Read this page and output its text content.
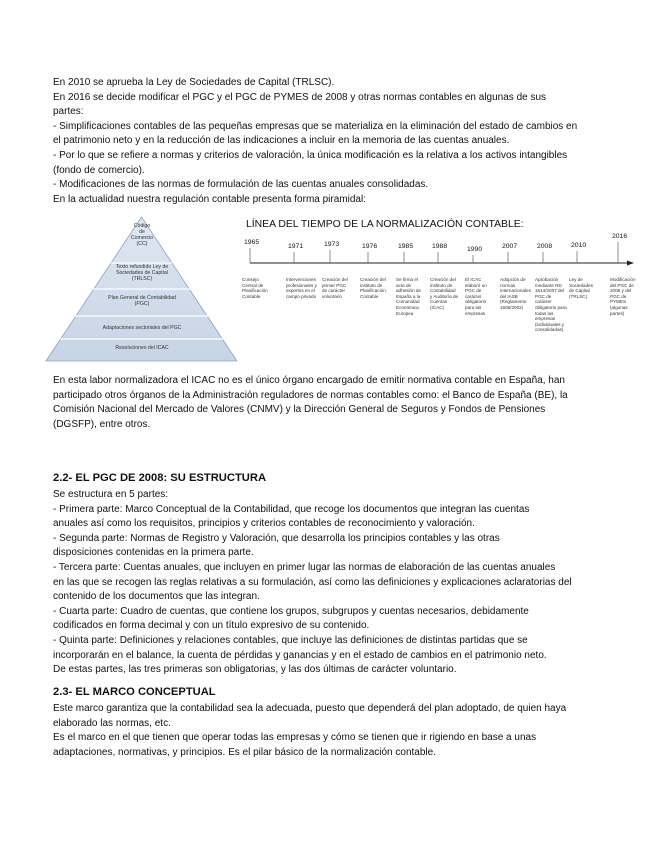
En 2010 se aprueba la Ley de Sociedades de Capital (TRLSC).
En 2016 se decide modificar el PGC y el PGC de PYMES de 2008 y otras normas contables en algunas de sus
partes:
- Simplificaciones contables de las pequeñas empresas que se materializa en la eliminación del estado de cambios en
el patrimonio neto y en la reducción de las indicaciones a incluir en la memoria de las cuentas anuales.
- Por lo que se refiere a normas y criterios de valoración, la única modificación es la relativa a los activos intangibles
(fondo de comercio).
- Modificaciones de las normas de formulación de las cuentas anuales consolidadas.
En la actualidad nuestra regulación contable presenta forma piramidal:
Código
de
Comercio
(CC)
Texto refundido Ley de
Sociedades de Capital
(TRLSC)
Plan General de Contabilidad
(PGC)
Adaptaciones sectoriales del PGC
Resoluciones del ICAC
LÍNEA DEL TIEMPO DE LA NORMALIZACIÓN CONTABLE:
1965
Consejo
Central de
Planificación
Contable
1971
Intervenciones
profesionales y
expertos en el
campo privado
1973
Creación del
primer PGC
de carácter
voluntario
1976
Creación del
instituto de
Planificación
Contable
1985
Se firma el
acta de
adhesión de
España a la
Comunidad
Económica
Europea
1988
Creación del
instituto de
Contabilidad
y Auditoría de
Cuentas
(ICAC)
1990
El ICAC
elaboró un
PGC de
carácter
obligatorio
para las
empresas
2007
Adopción de
normas
internacionales
del IASB
(Reglamento
1606/2002)
2008
Aprobación
mediante RD
1514/2007 del
PGC de
carácter
obligatorio para
todas las
empresas
(individuales y
consolidadas)
2010
Ley de
Sociedades
de Capital
(TRLSC)
2016
Modificación
del PGC de
2008 y del
PGC de
PYMES
(algunas
partes)
En esta labor normalizadora el ICAC no es el único órgano encargado de emitir normativa contable en España, han
participado otros órganos de la Administración reguladores de normas contables como: el Banco de España (BE), la
Comisión Nacional del Mercado de Valores (CNMV) y la Dirección General de Seguros y Fondos de Pensiones
(DGSFP), entre otros.
2.2- EL PGC DE 2008: SU ESTRUCTURA
Se estructura en 5 partes:
- Primera parte: Marco Conceptual de la Contabilidad, que recoge los documentos que integran las cuentas
anuales así como los requisitos, principios y criterios contables de reconocimiento y valoración.
- Segunda parte: Normas de Registro y Valoración, que desarrolla los principios contables y las otras
disposiciones contenidas en la primera parte.
- Tercera parte: Cuentas anuales, que incluyen en primer lugar las normas de elaboración de las cuentas anuales
en las que se recogen las reglas relativas a su formulación, así como las definiciones y explicaciones aclaratorias del
contenido de los documentos que las integran.
- Cuarta parte: Cuadro de cuentas, que contiene los grupos, subgrupos y cuentas necesarios, debidamente
codificados en forma decimal y con un título expresivo de su contenido.
- Quinta parte: Definiciones y relaciones contables, que incluye las definiciones de distintas partidas que se
incorporarán en el balance, la cuenta de pérdidas y ganancias y en el estado de cambios en el patrimonio neto.
De estas partes, las tres primeras son obligatorias, y las dos últimas de carácter voluntario.
2.3- EL MARCO CONCEPTUAL
Este marco garantiza que la contabilidad sea la adecuada, puesto que dependerá del plan adoptado, de quien haya
elaborado las normas, etc.
Es el marco en el que tienen que operar todas las empresas y cómo se tienen que ir rigiendo en base a unas
adaptaciones, normativas, y principios. Es el pilar básico de la normalización contable.
